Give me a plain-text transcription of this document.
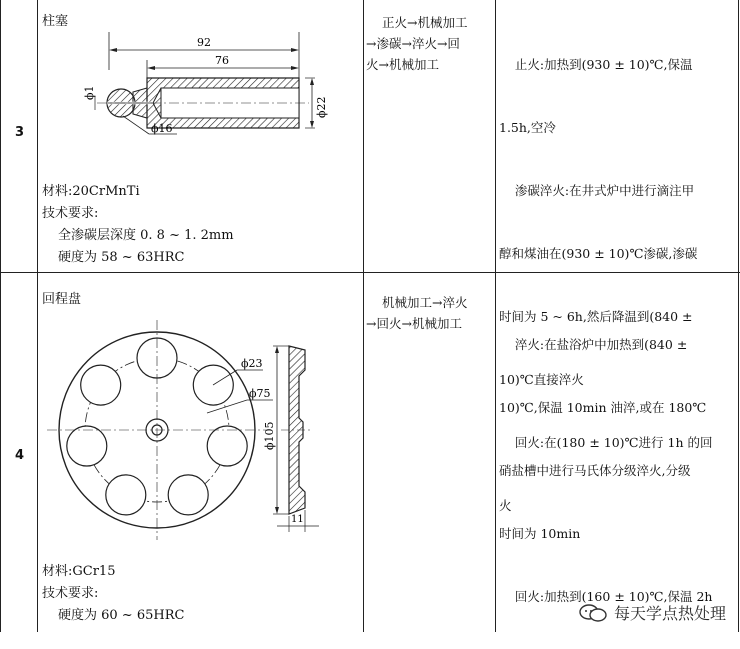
3
柱塞
92
76
ϕ1
ϕ16
ϕ22
材料:20CrMnTi
技术要求:
全渗碳层深度 0. 8 ~ 1. 2mm
硬度为 58 ~ 63HRC
正火→机械加工
→渗碳→淬火→回
火→机械加工

	止火:加热到(930 ± 10)℃,保温

1.5h,空冷

渗碳淬火:在井式炉中进行滴注甲

醇和煤油在(930 ± 10)℃渗碳,渗碳

时间为 5 ~ 6h,然后降温到(840 ±

10)℃直接淬火

回火:在(180 ± 10)℃进行 1h 的回

火

4
回程盘
ϕ23
ϕ75
ϕ105
11
材料:GCr15
技术要求:
硬度为 60 ~ 65HRC
机械加工→淬火
→回火→机械加工

淬火:在盐浴炉中加热到(840 ±

10)℃,保温 10min 油淬,或在 180℃

硝盐槽中进行马氏体分级淬火,分级

时间为 10min

回火:加热到(160 ± 10)℃,保温 2h

每天学点热处理
